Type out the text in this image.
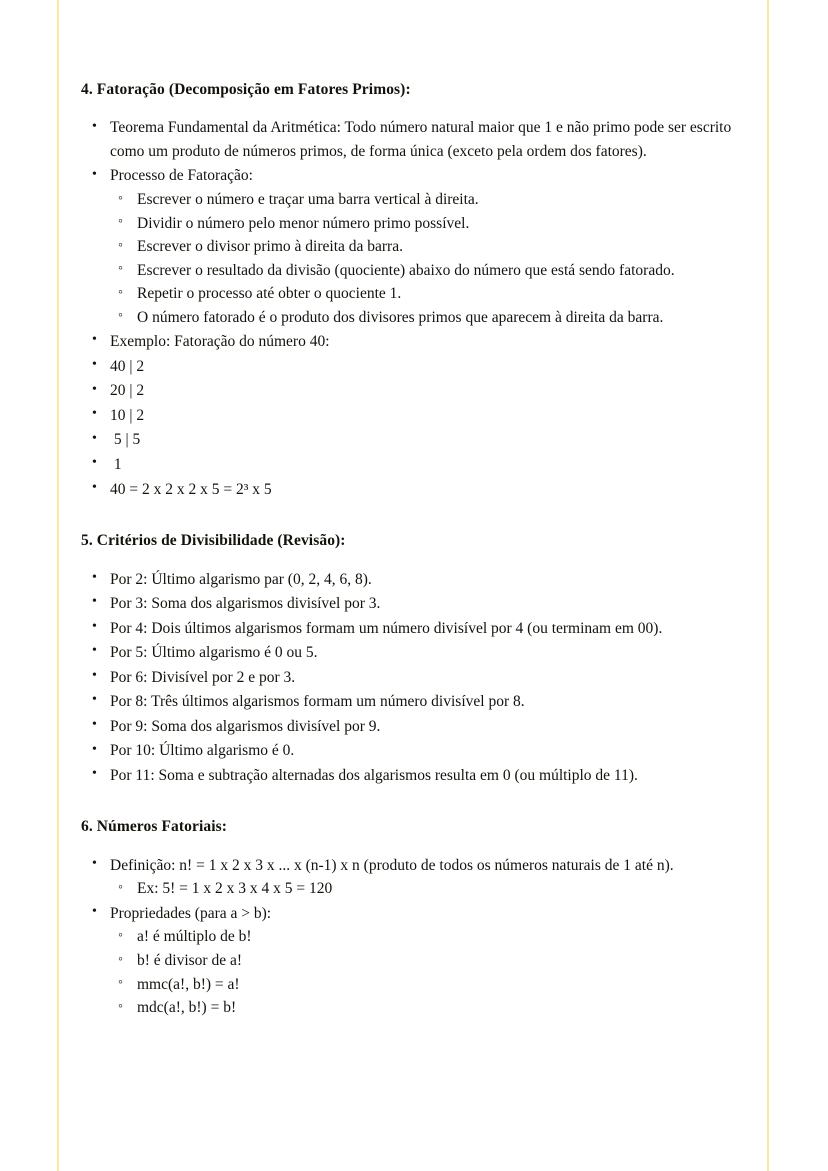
4. Fatoração (Decomposição em Fatores Primos):
Teorema Fundamental da Aritmética: Todo número natural maior que 1 e não primo pode ser escrito como um produto de números primos, de forma única (exceto pela ordem dos fatores).
Processo de Fatoração:
Escrever o número e traçar uma barra vertical à direita.
Dividir o número pelo menor número primo possível.
Escrever o divisor primo à direita da barra.
Escrever o resultado da divisão (quociente) abaixo do número que está sendo fatorado.
Repetir o processo até obter o quociente 1.
O número fatorado é o produto dos divisores primos que aparecem à direita da barra.
Exemplo: Fatoração do número 40:
40 | 2
20 | 2
10 | 2
5 | 5
1
40 = 2 x 2 x 2 x 5 = 2³ x 5
5. Critérios de Divisibilidade (Revisão):
Por 2: Último algarismo par (0, 2, 4, 6, 8).
Por 3: Soma dos algarismos divisível por 3.
Por 4: Dois últimos algarismos formam um número divisível por 4 (ou terminam em 00).
Por 5: Último algarismo é 0 ou 5.
Por 6: Divisível por 2 e por 3.
Por 8: Três últimos algarismos formam um número divisível por 8.
Por 9: Soma dos algarismos divisível por 9.
Por 10: Último algarismo é 0.
Por 11: Soma e subtração alternadas dos algarismos resulta em 0 (ou múltiplo de 11).
6. Números Fatoriais:
Definição: n! = 1 x 2 x 3 x ... x (n-1) x n (produto de todos os números naturais de 1 até n).
Ex: 5! = 1 x 2 x 3 x 4 x 5 = 120
Propriedades (para a > b):
a! é múltiplo de b!
b! é divisor de a!
mmc(a!, b!) = a!
mdc(a!, b!) = b!
